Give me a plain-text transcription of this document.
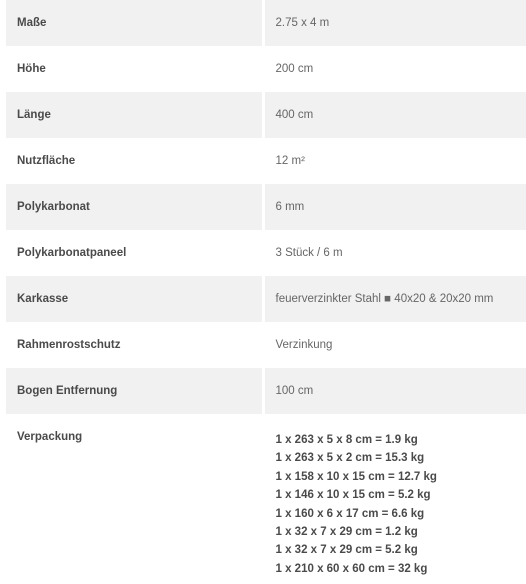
Maße	2.75 x 4 m
Höhe	200 cm
Länge	400 cm
Nutzfläche	12 m²
Polykarbonat	6 mm
Polykarbonatpaneel	3 Stück / 6 m
Karkasse	feuerverzinkter Stahl ■ 40x20 & 20x20 mm
Rahmenrostschutz	Verzinkung
Bogen Entfernung	100 cm
Verpackung	1 x 263 x 5 x 8 cm = 1.9 kg
1 x 263 x 5 x 2 cm = 15.3 kg
1 x 158 x 10 x 15 cm = 12.7 kg
1 x 146 x 10 x 15 cm = 5.2 kg
1 x 160 x 6 x 17 cm = 6.6 kg
1 x 32 x 7 x 29 cm = 1.2 kg
1 x 32 x 7 x 29 cm = 5.2 kg
1 x 210 x 60 x 60 cm = 32 kg
